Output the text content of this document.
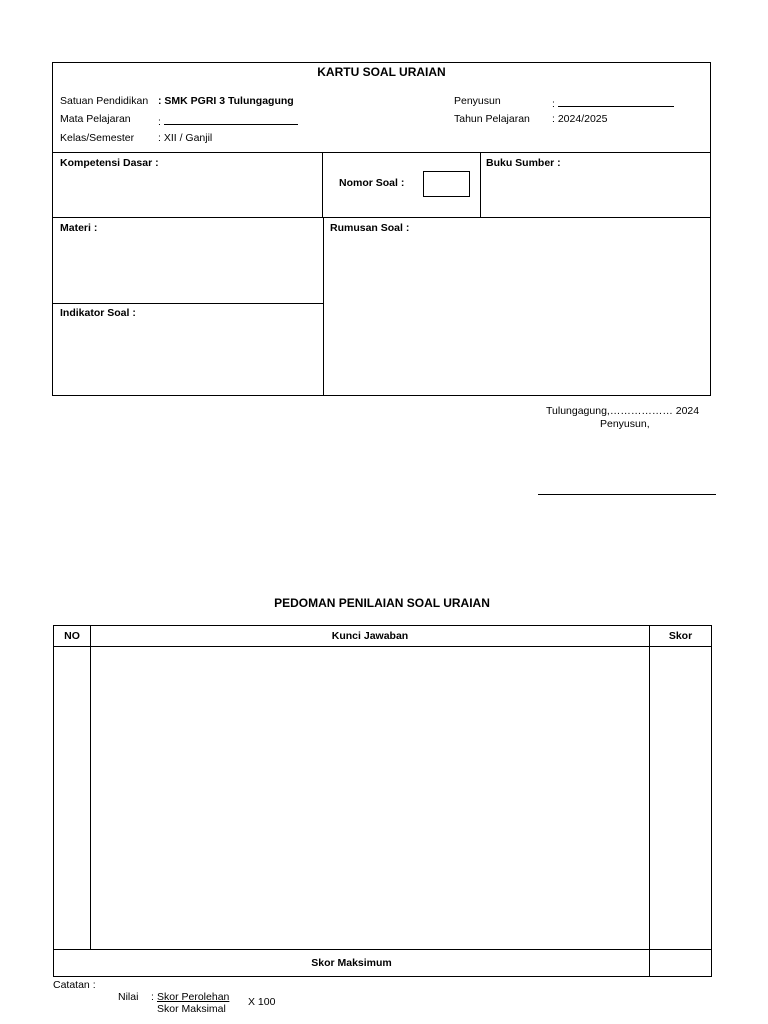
KARTU SOAL URAIAN
Satuan Pendidikan : SMK PGRI 3 Tulungagung
Mata Pelajaran	:
Kelas/Semester : XII / Ganjil
Penyusun	:
Tahun Pelajaran : 2024/2025
Kompetensi Dasar :
Nomor Soal :
Buku Sumber :
Materi :	Rumusan Soal :
Indikator Soal :
Tulungagung,……………… 2024
Penyusun,
PEDOMAN PENILAIAN SOAL URAIAN
NO	Kunci Jawaban	Skor

Skor Maksimum		
Catatan :
Nilai : Skor Perolehan
Skor Maksimal
X 100
